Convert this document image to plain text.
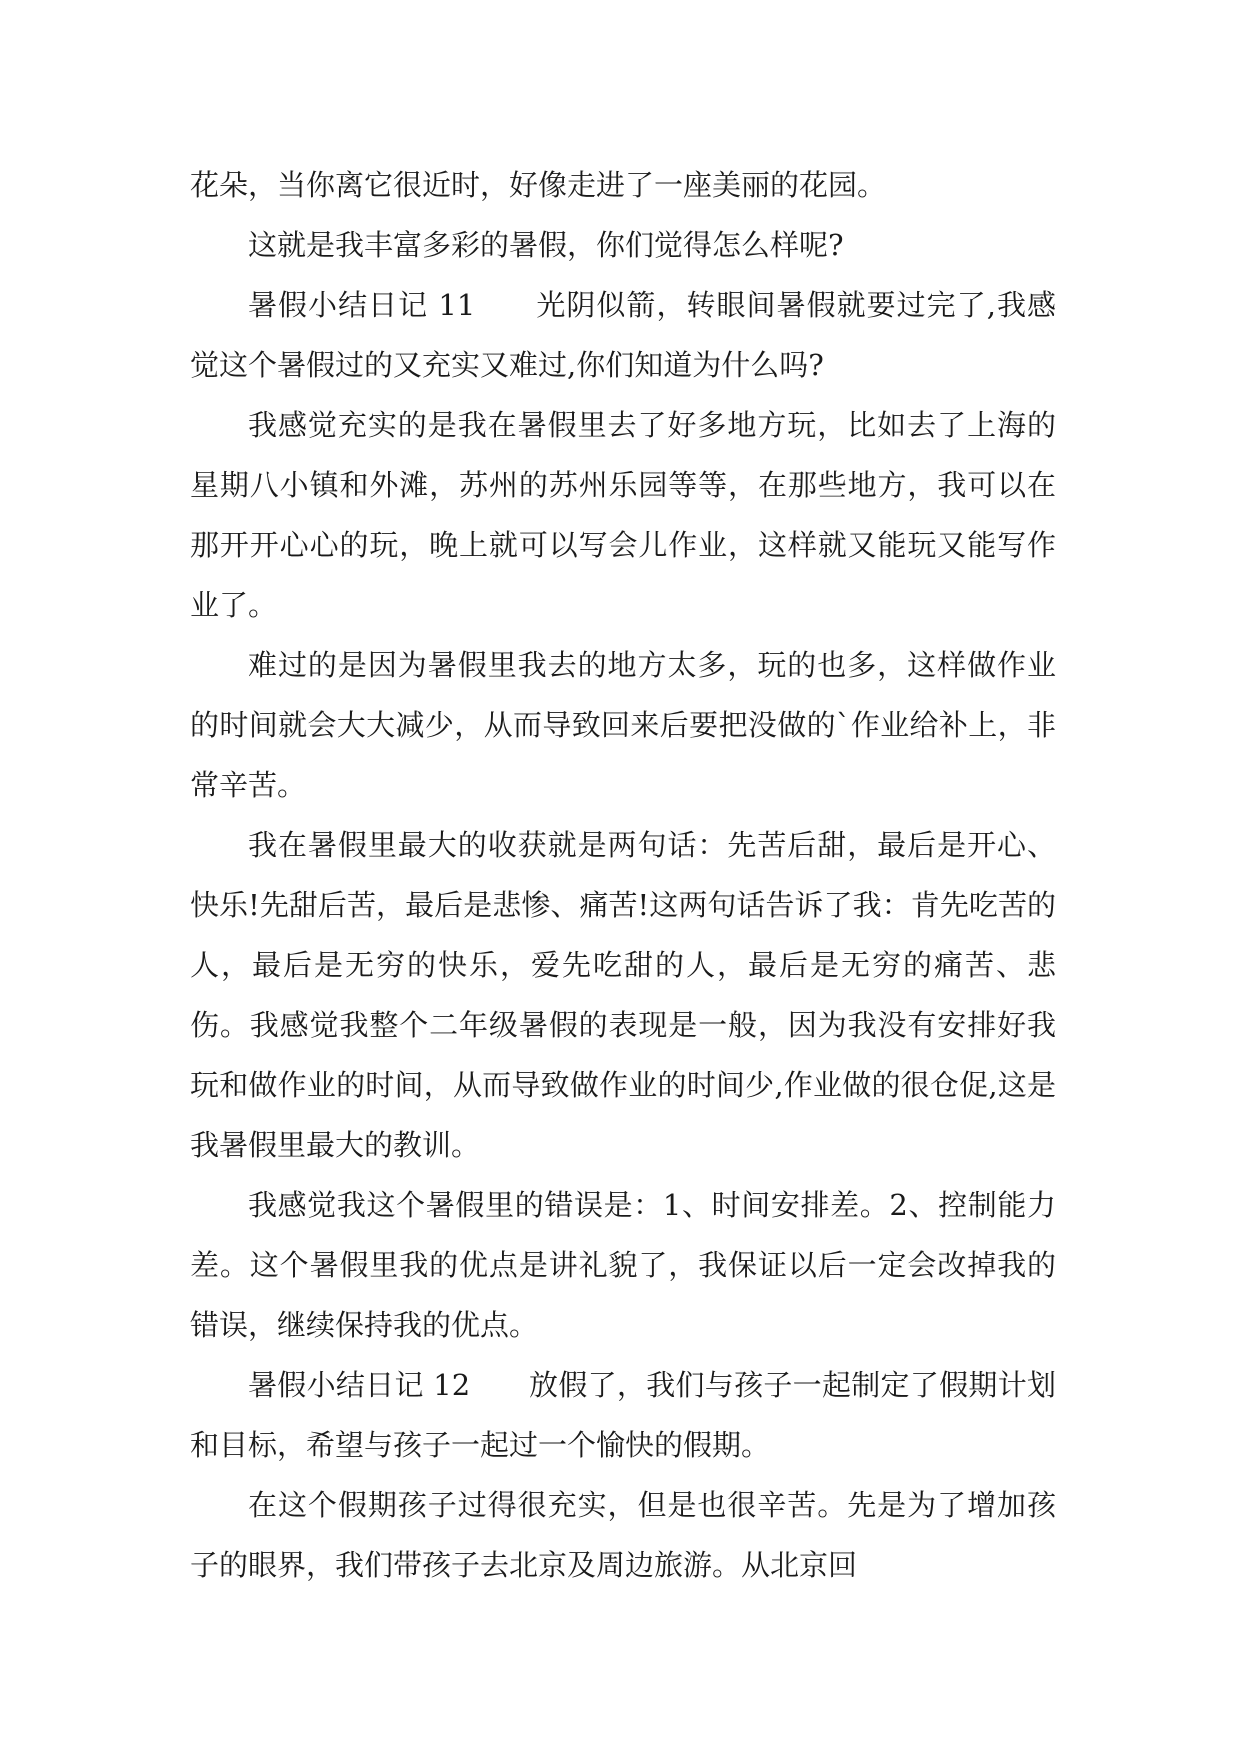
花朵，当你离它很近时，好像走进了一座美丽的花园。

这就是我丰富多彩的暑假，你们觉得怎么样呢?

暑假小结日记 11　　光阴似箭，转眼间暑假就要过完了,我感觉这个暑假过的又充实又难过,你们知道为什么吗?

我感觉充实的是我在暑假里去了好多地方玩，比如去了上海的星期八小镇和外滩，苏州的苏州乐园等等，在那些地方，我可以在那开开心心的玩，晚上就可以写会儿作业，这样就又能玩又能写作业了。

难过的是因为暑假里我去的地方太多，玩的也多，这样做作业的时间就会大大减少，从而导致回来后要把没做的`作业给补上，非常辛苦。

我在暑假里最大的收获就是两句话：先苦后甜，最后是开心、快乐!先甜后苦，最后是悲惨、痛苦!这两句话告诉了我：肯先吃苦的人，最后是无穷的快乐，爱先吃甜的人，最后是无穷的痛苦、悲伤。我感觉我整个二年级暑假的表现是一般，因为我没有安排好我玩和做作业的时间，从而导致做作业的时间少,作业做的很仓促,这是我暑假里最大的教训。

我感觉我这个暑假里的错误是：1、时间安排差。2、控制能力差。这个暑假里我的优点是讲礼貌了，我保证以后一定会改掉我的错误，继续保持我的优点。

暑假小结日记 12　　放假了，我们与孩子一起制定了假期计划和目标，希望与孩子一起过一个愉快的假期。

在这个假期孩子过得很充实，但是也很辛苦。先是为了增加孩子的眼界，我们带孩子去北京及周边旅游。从北京回
